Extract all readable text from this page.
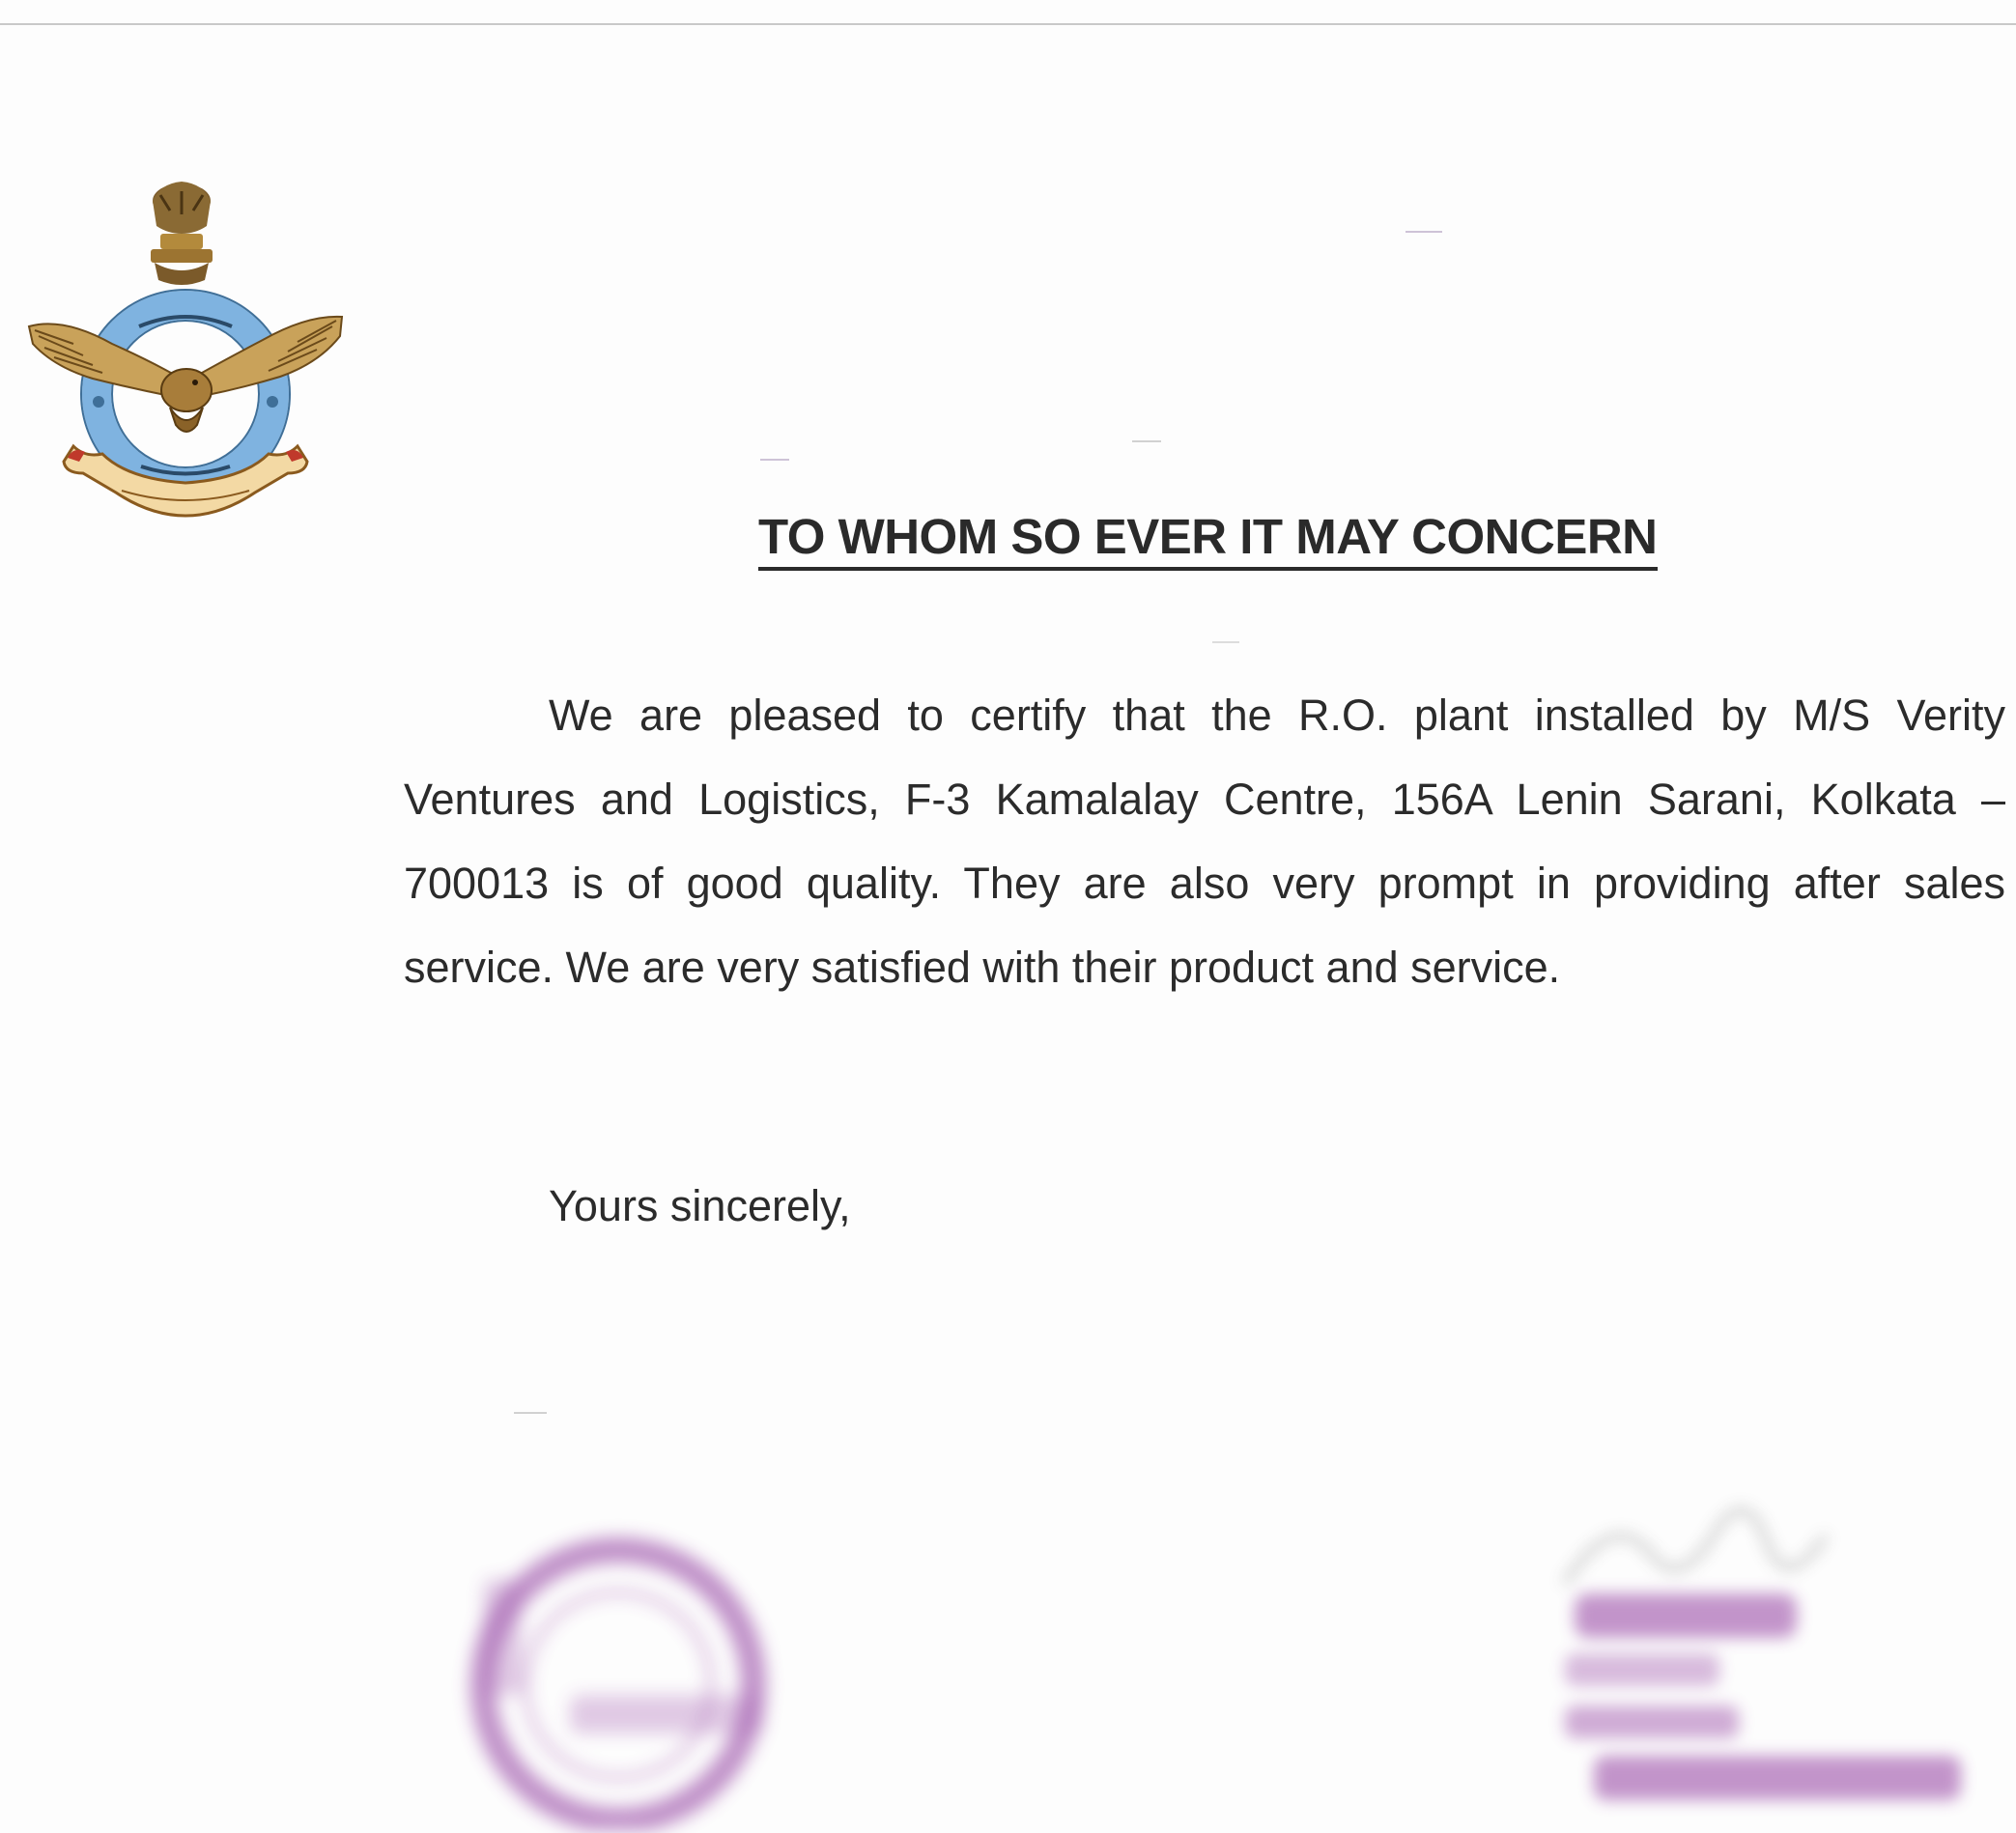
TO WHOM SO EVER IT MAY CONCERN

We are pleased to certify that the R.O. plant installed by M/S Verity Ventures and Logistics, F-3 Kamalalay Centre, 156A Lenin Sarani, Kolkata – 700013 is of good quality. They are also very prompt in providing after sales service. We are very satisfied with their product and service.

Yours sincerely,
